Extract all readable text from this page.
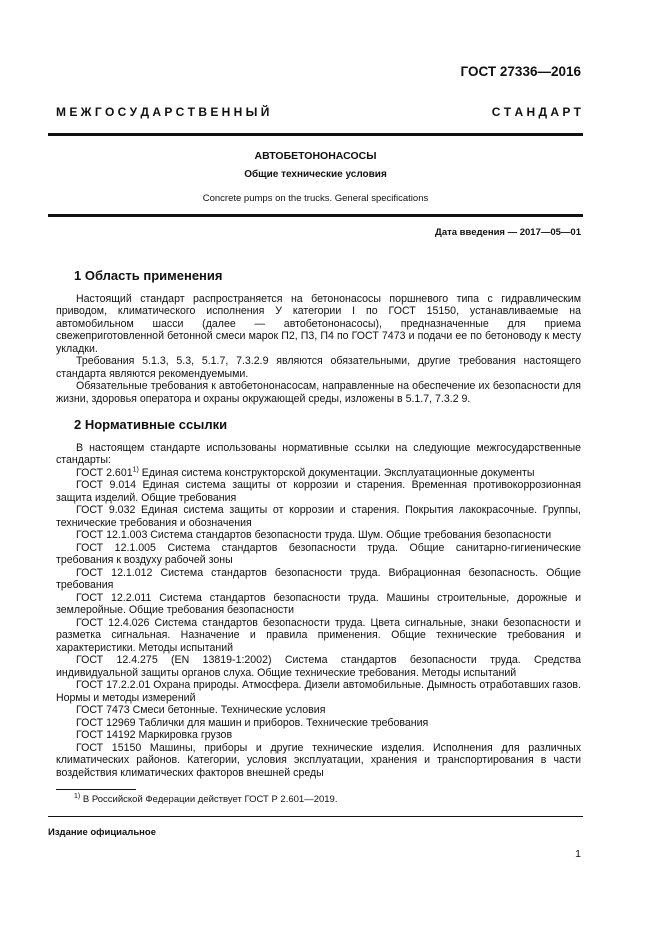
ГОСТ 27336—2016
М Е Ж Г О С У Д А Р С Т В Е Н Н Ы Й	С Т А Н Д А Р Т
АВТОБЕТОНОНАСОСЫ
Общие технические условия
Concrete pumps on the trucks. General specifications
Дата введения — 2017—05—01
1 Область применения

Настоящий стандарт распространяется на бетононасосы поршневого типа с гидравлическим приводом, климатического исполнения У категории I по ГОСТ 15150, устанавливаемые на автомобильном шасси (далее — автобетононасосы), предназначенные для приема свежеприготовленной бетонной смеси марок П2, П3, П4 по ГОСТ 7473 и подачи ее по бетоноводу к месту укладки.

Требования 5.1.3, 5.3, 5.1.7, 7.3.2.9 являются обязательными, другие требования настоящего стандарта являются рекомендуемыми.

Обязательные требования к автобетононасосам, направленные на обеспечение их безопасности для жизни, здоровья оператора и охраны окружающей среды, изложены в 5.1.7, 7.3.2 9.

2 Нормативные ссылки

В настоящем стандарте использованы нормативные ссылки на следующие межгосударственные стандарты:

ГОСТ 2.601$^{1)}$ Единая система конструкторской документации. Эксплуатационные документы

ГОСТ 9.014 Единая система защиты от коррозии и старения. Временная противокоррозионная защита изделий. Общие требования

ГОСТ 9.032 Единая система защиты от коррозии и старения. Покрытия лакокрасочные. Группы, технические требования и обозначения

ГОСТ 12.1.003 Система стандартов безопасности труда. Шум. Общие требования безопасности

ГОСТ 12.1.005 Система стандартов безопасности труда. Общие санитарно-гигиенические требования к воздуху рабочей зоны

ГОСТ 12.1.012 Система стандартов безопасности труда. Вибрационная безопасность. Общие требования

ГОСТ 12.2.011 Система стандартов безопасности труда. Машины строительные, дорожные и землеройные. Общие требования безопасности

ГОСТ 12.4.026 Система стандартов безопасности труда. Цвета сигнальные, знаки безопасности и разметка сигнальная. Назначение и правила применения. Общие технические требования и характеристики. Методы испытаний

ГОСТ 12.4.275 (EN 13819-1:2002) Система стандартов безопасности труда. Средства индивидуальной защиты органов слуха. Общие технические требования. Методы испытаний

ГОСТ 17.2.2.01 Охрана природы. Атмосфера. Дизели автомобильные. Дымность отработавших газов. Нормы и методы измерений

ГОСТ 7473 Смеси бетонные. Технические условия

ГОСТ 12969 Таблички для машин и приборов. Технические требования

ГОСТ 14192 Маркировка грузов

ГОСТ 15150 Машины, приборы и другие технические изделия. Исполнения для различных климатических районов. Категории, условия эксплуатации, хранения и транспортирования в части воздействия климатических факторов внешней среды

$^{1)}$ В Российской Федерации действует ГОСТ Р 2.601—2019.
Издание официальное
1
